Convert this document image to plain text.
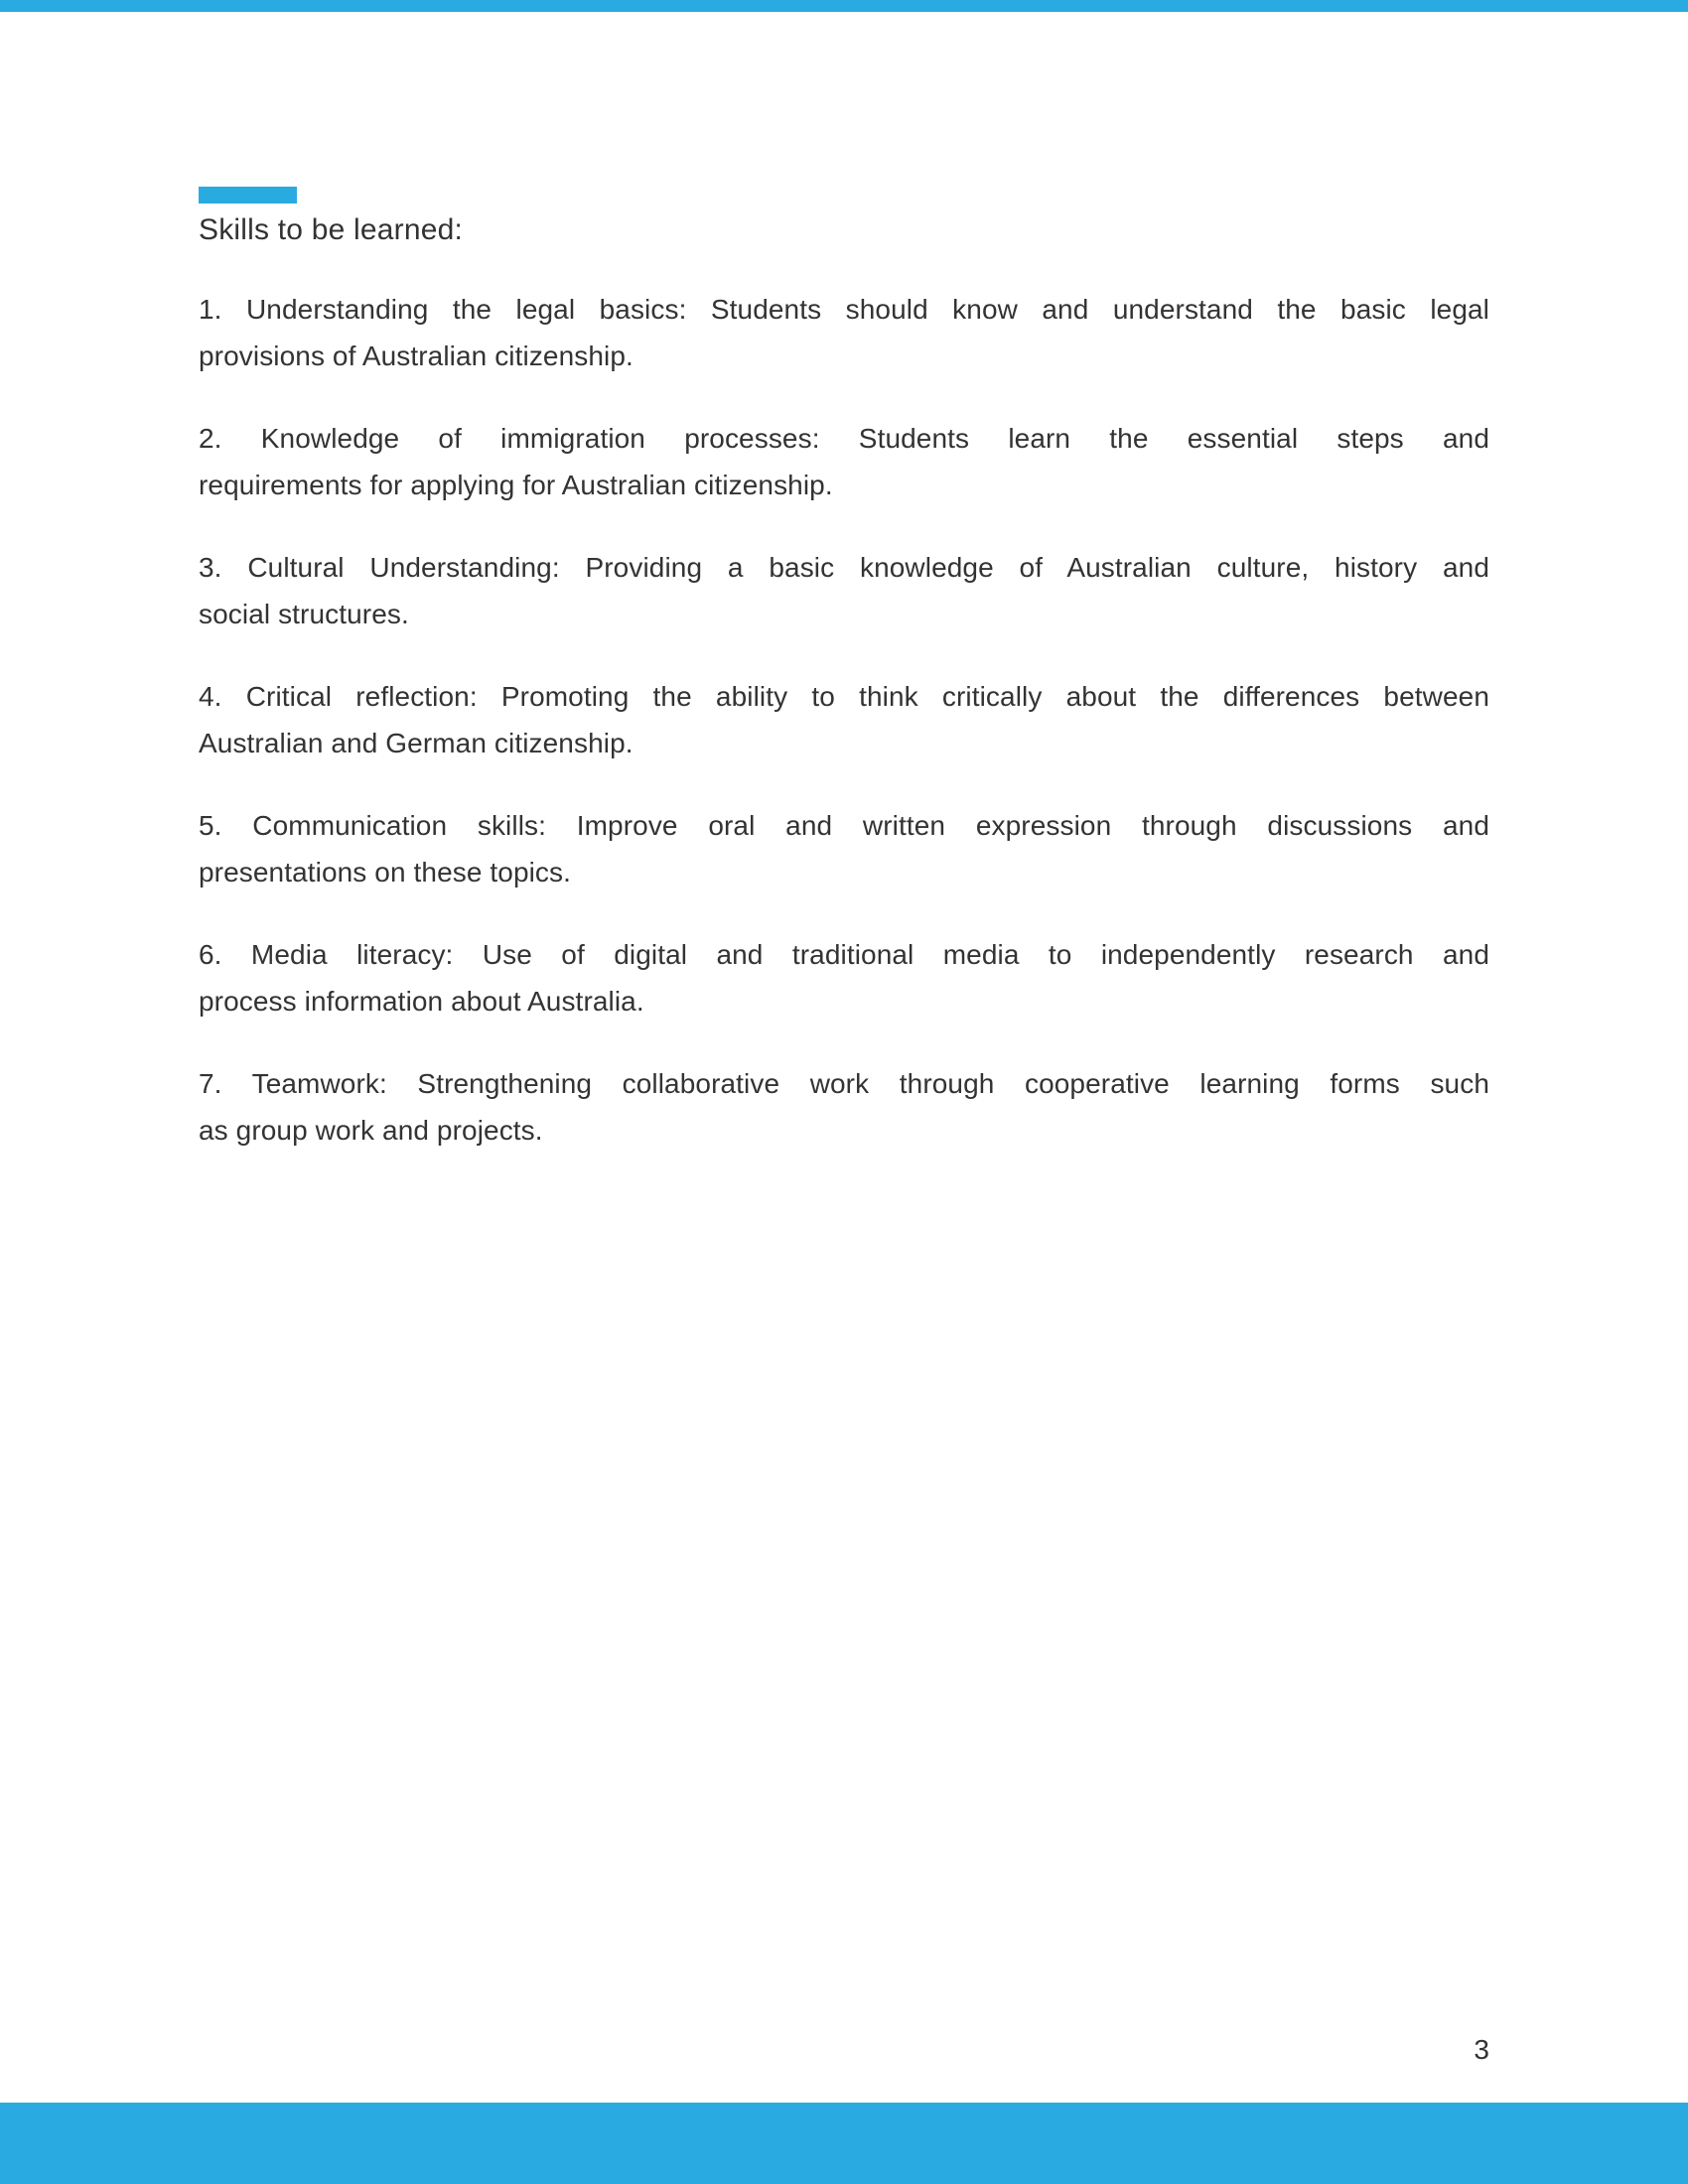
Skills to be learned:

1. Understanding the legal basics: Students should know and understand the basic legal
provisions of Australian citizenship.

2. Knowledge of immigration processes: Students learn the essential steps and
requirements for applying for Australian citizenship.

3. Cultural Understanding: Providing a basic knowledge of Australian culture, history and
social structures.

4. Critical reflection: Promoting the ability to think critically about the differences between
Australian and German citizenship.

5. Communication skills: Improve oral and written expression through discussions and
presentations on these topics.

6. Media literacy: Use of digital and traditional media to independently research and
process information about Australia.

7. Teamwork: Strengthening collaborative work through cooperative learning forms such
as group work and projects.

3
